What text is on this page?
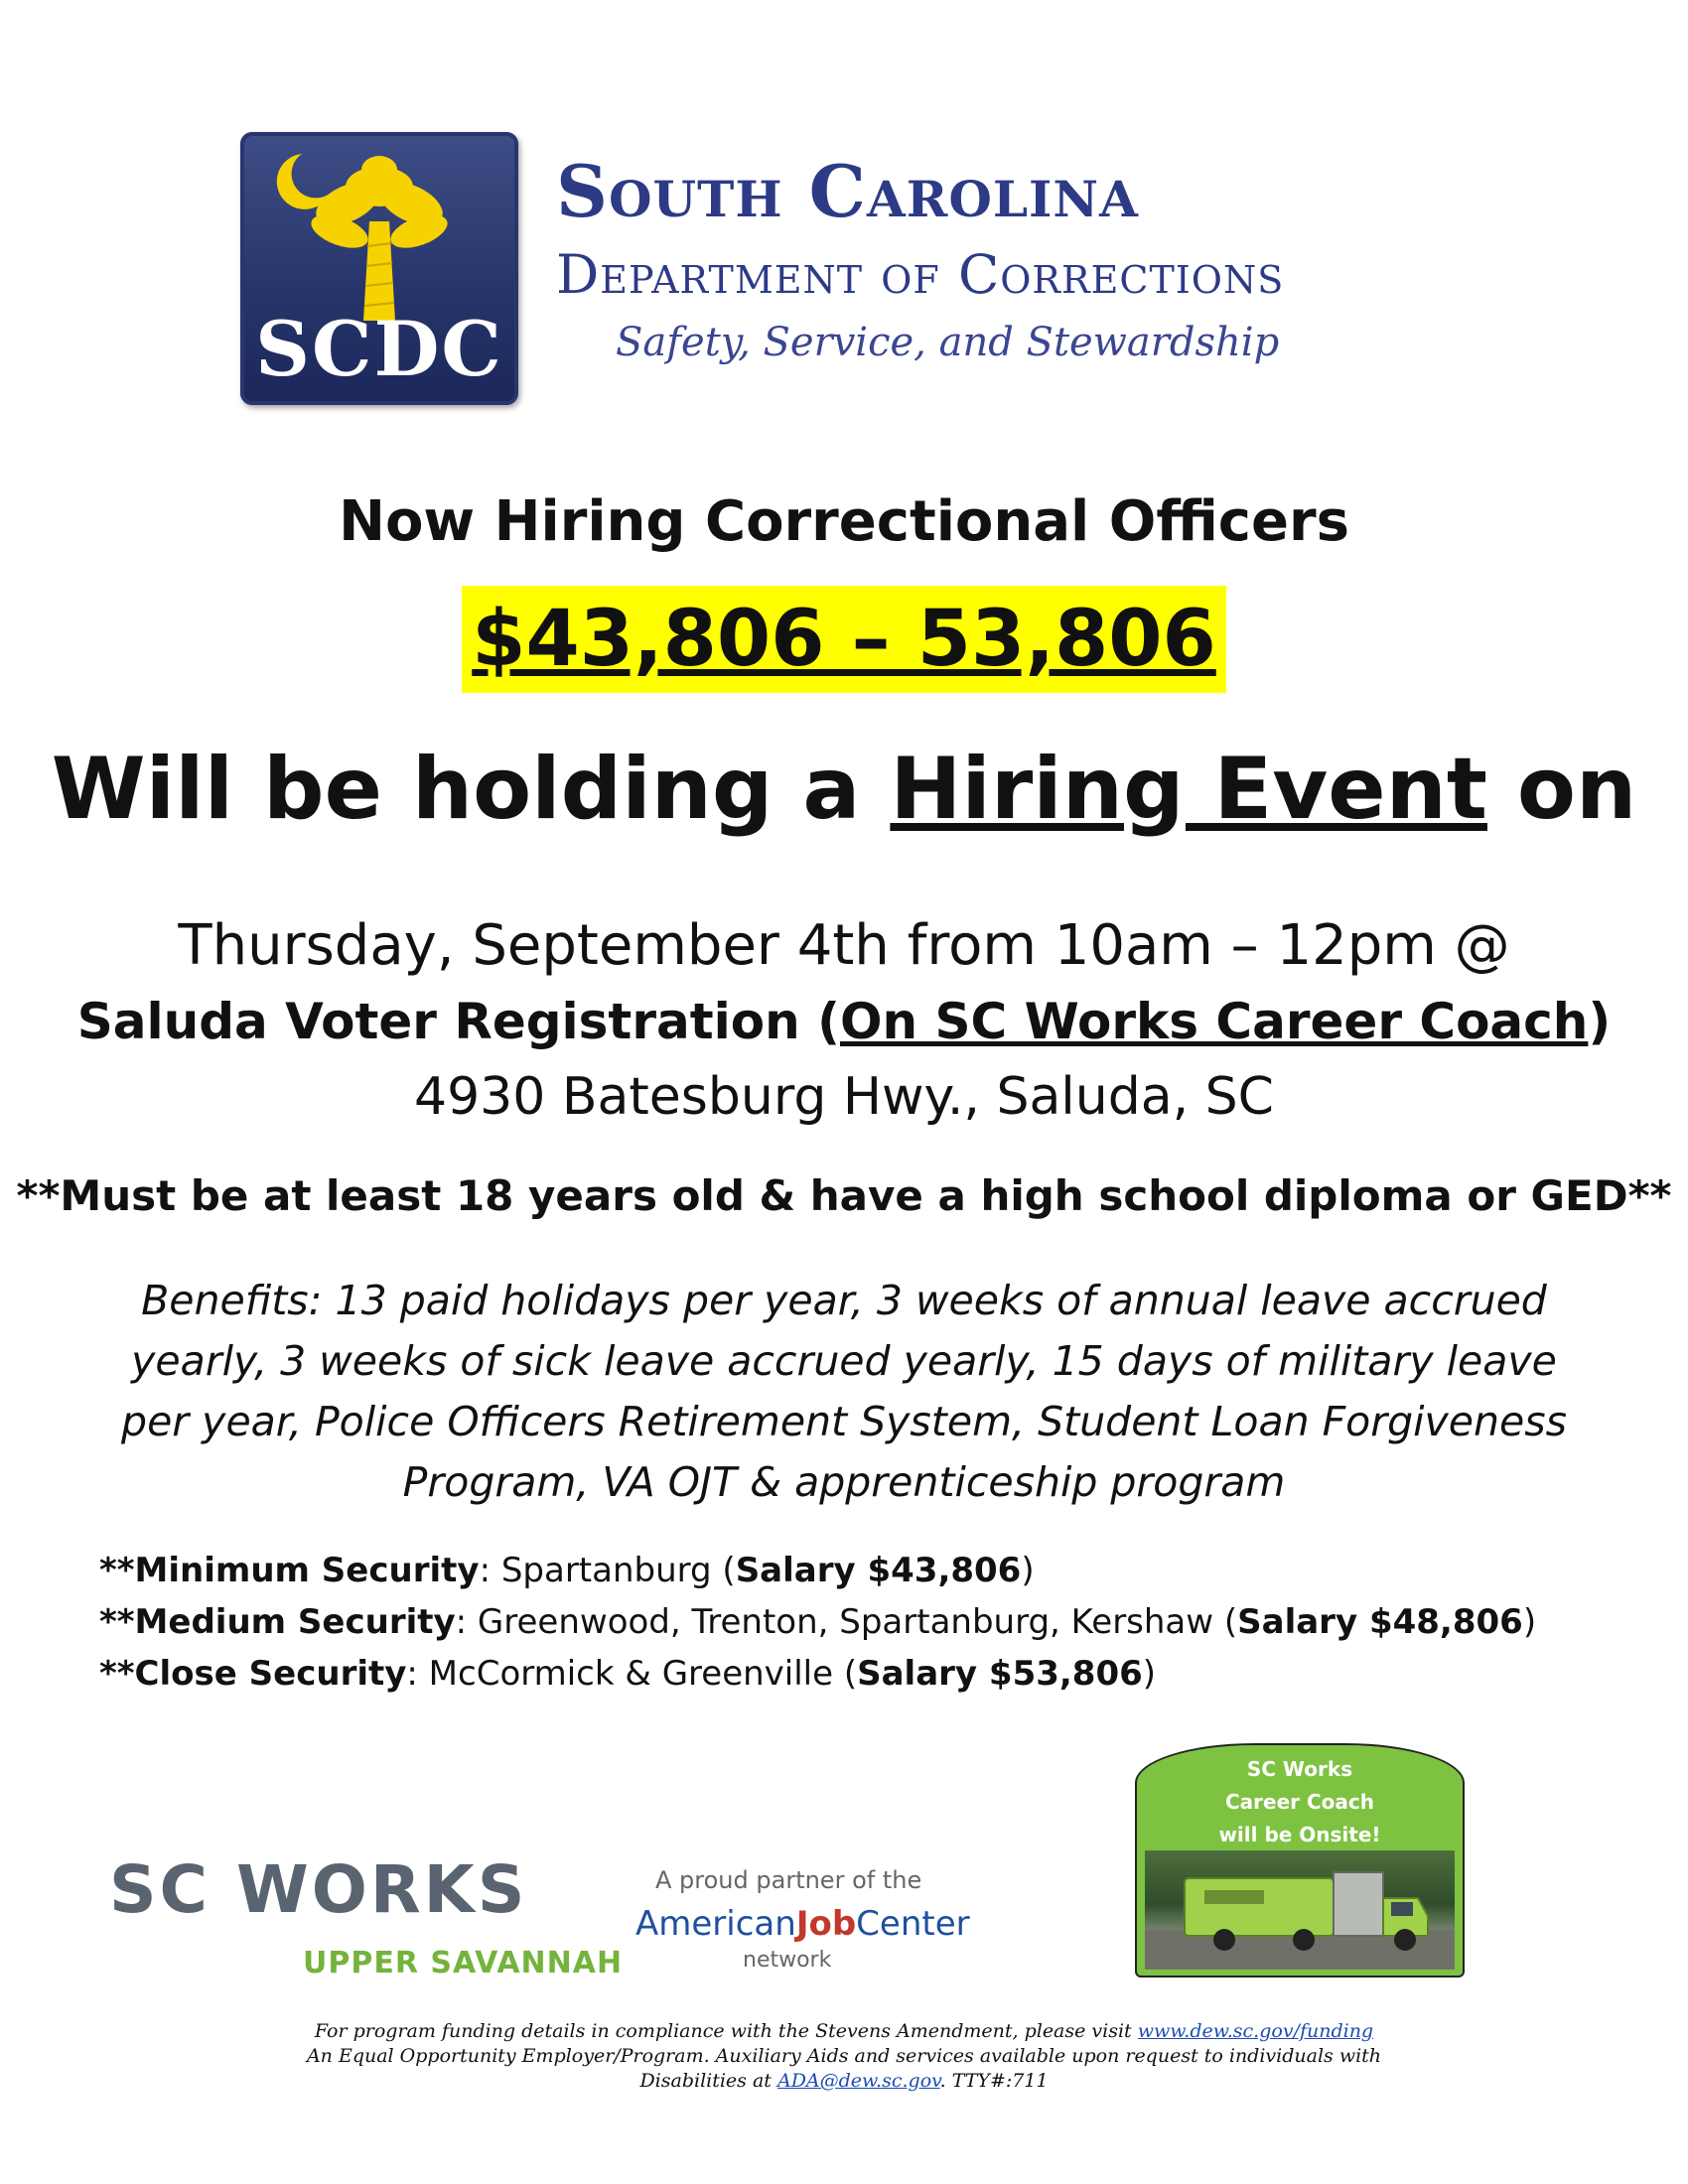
SCDC
South Carolina
Department of Corrections
Safety, Service, and Stewardship
Now Hiring Correctional Officers
$43,806 – 53,806
Will be holding a Hiring Event on
Thursday, September 4th from 10am – 12pm @
Saluda Voter Registration (On SC Works Career Coach)
4930 Batesburg Hwy., Saluda, SC
**Must be at least 18 years old & have a high school diploma or GED**
Benefits: 13 paid holidays per year, 3 weeks of annual leave accrued yearly, 3 weeks of sick leave accrued yearly, 15 days of military leave per year, Police Officers Retirement System, Student Loan Forgiveness Program, VA OJT & apprenticeship program
**Minimum Security: Spartanburg (Salary $43,806)
**Medium Security: Greenwood, Trenton, Spartanburg, Kershaw (Salary $48,806)
**Close Security: McCormick & Greenville (Salary $53,806)
SC WORKS
UPPER SAVANNAH
A proud partner of the
AmericanJobCenter
network
SC Works
Career Coach
will be Onsite!
For program funding details in compliance with the Stevens Amendment, please visit www.dew.sc.gov/funding
An Equal Opportunity Employer/Program. Auxiliary Aids and services available upon request to individuals with
Disabilities at ADA@dew.sc.gov. TTY#:711
